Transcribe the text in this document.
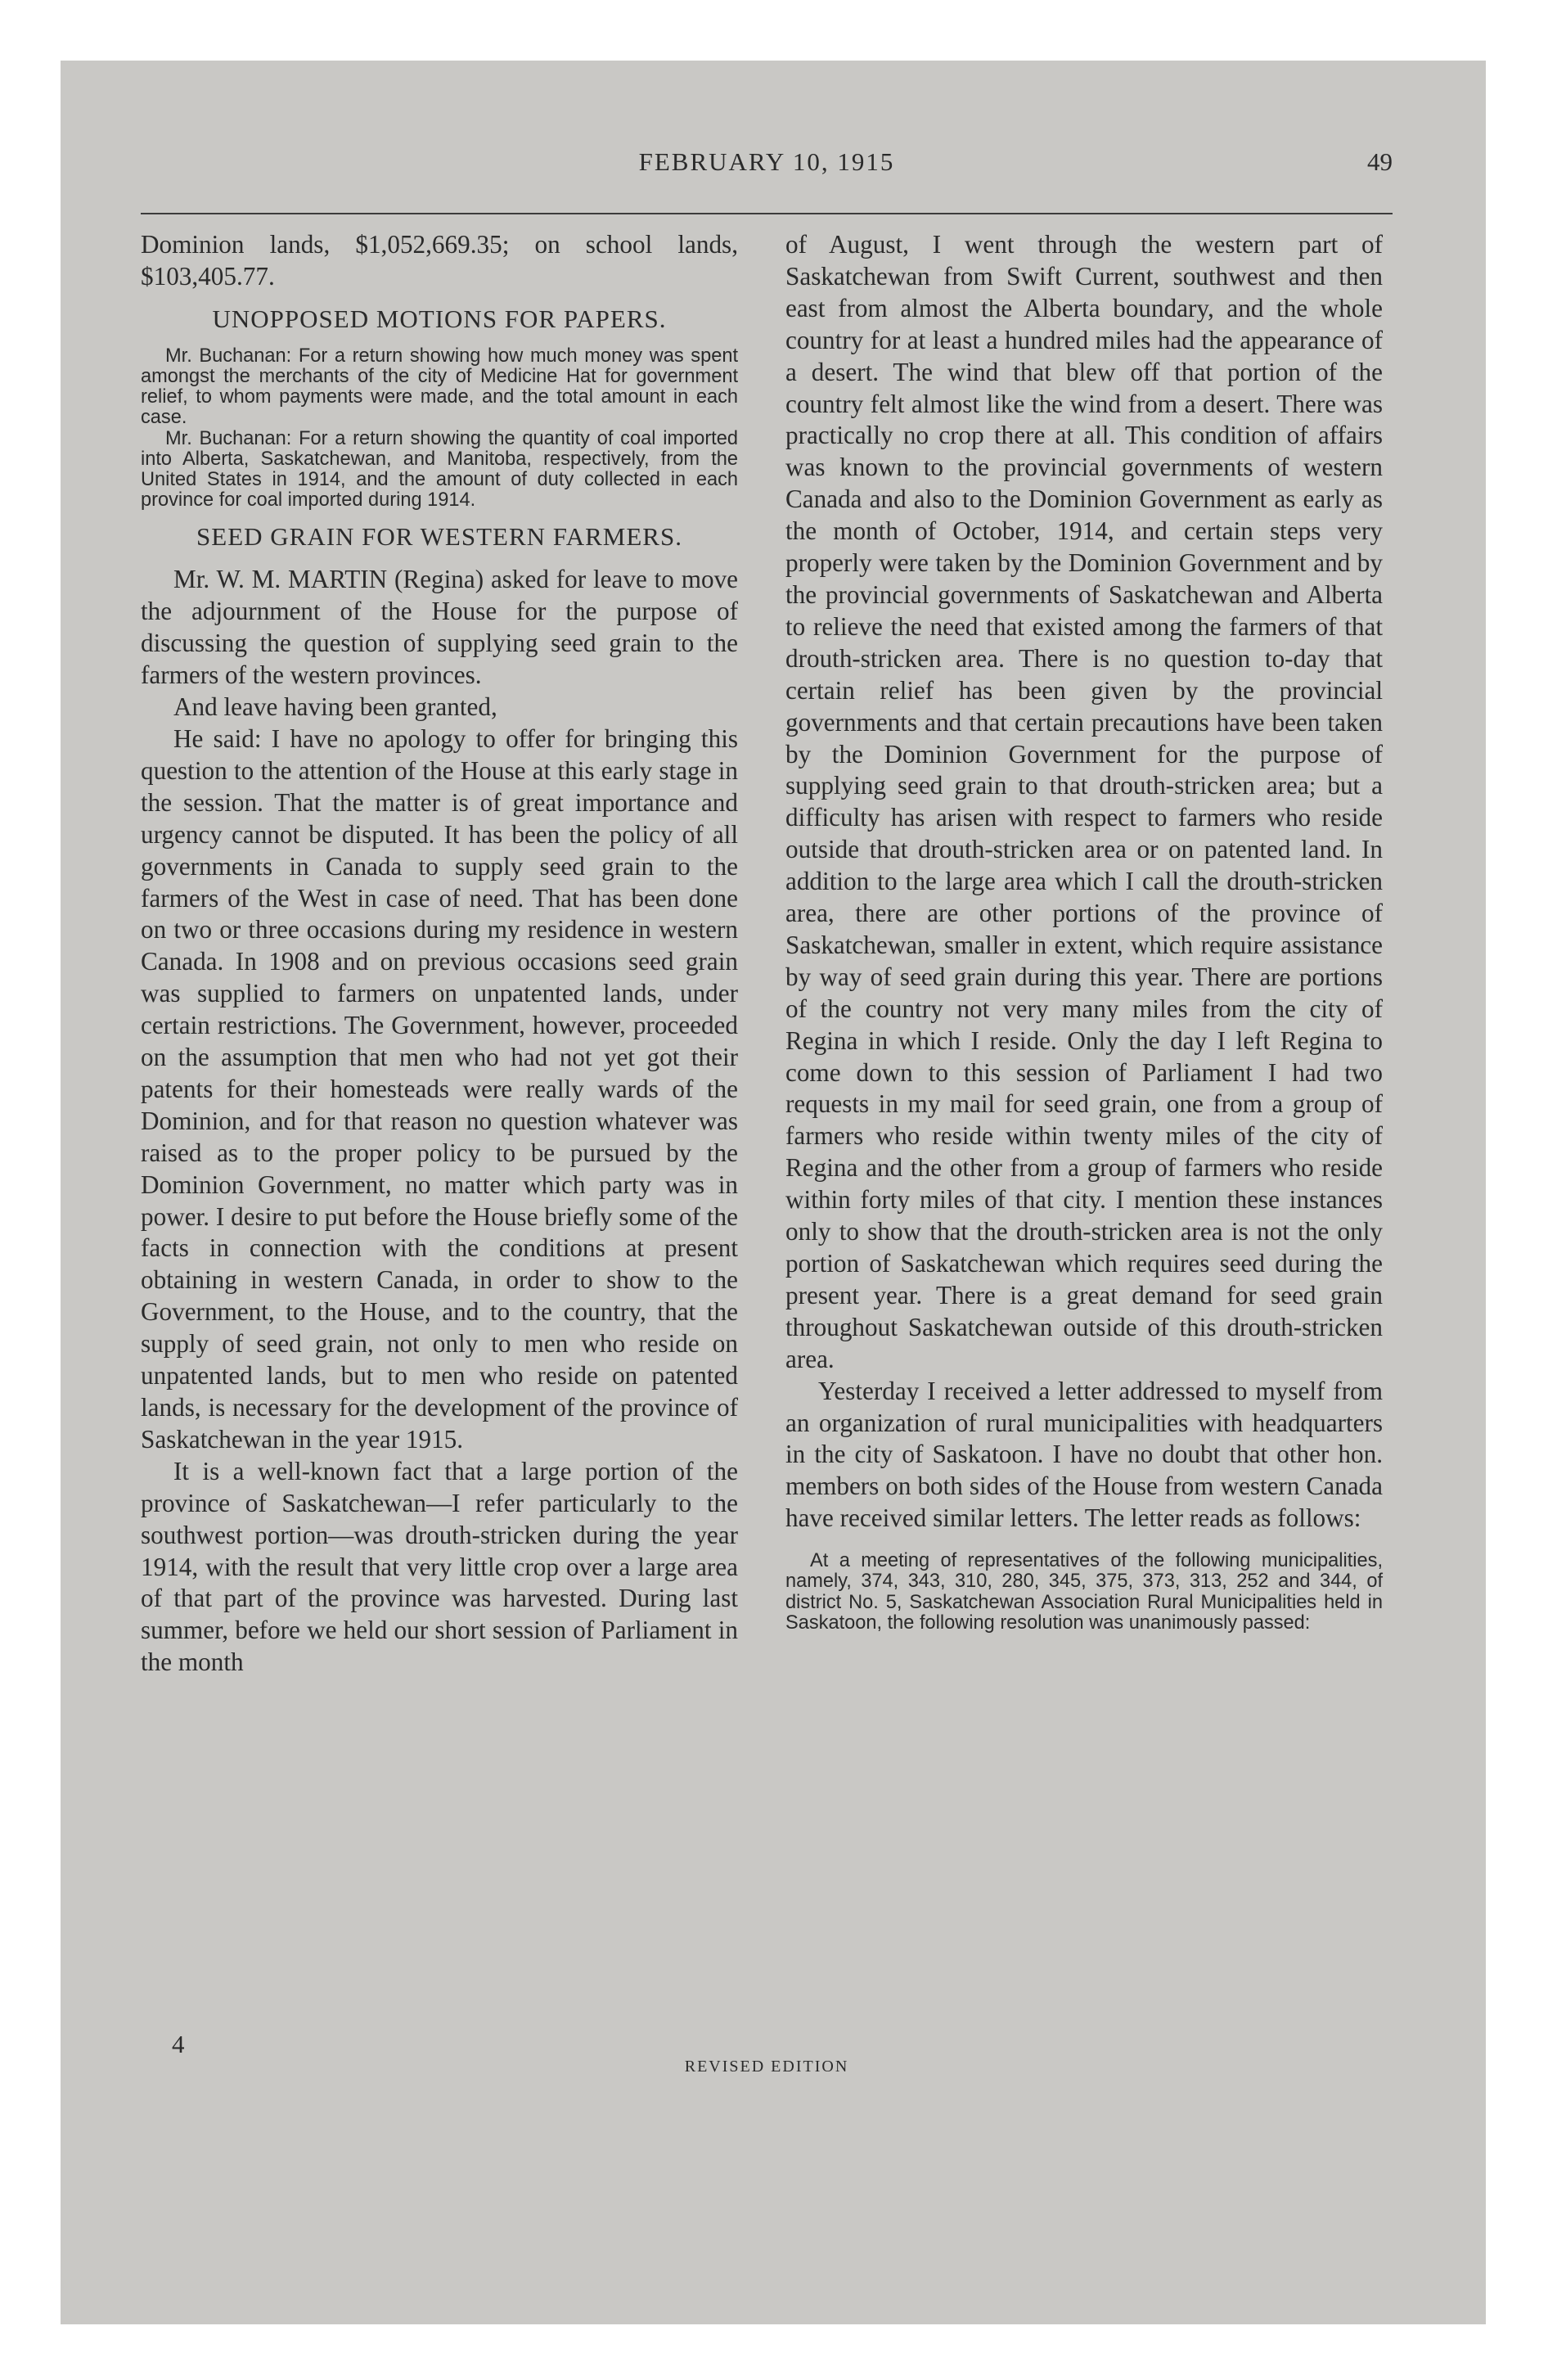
FEBRUARY 10, 1915	49

Dominion lands, $1,052,669.35; on school lands, $103,405.77.

UNOPPOSED MOTIONS FOR PAPERS.

Mr. Buchanan: For a return showing how much money was spent amongst the merchants of the city of Medicine Hat for government relief, to whom payments were made, and the total amount in each case.

Mr. Buchanan: For a return showing the quantity of coal imported into Alberta, Saskatchewan, and Manitoba, respectively, from the United States in 1914, and the amount of duty collected in each province for coal imported during 1914.

SEED GRAIN FOR WESTERN FARMERS.

Mr. W. M. MARTIN (Regina) asked for leave to move the adjournment of the House for the purpose of discussing the question of supplying seed grain to the farmers of the western provinces.

And leave having been granted,

He said: I have no apology to offer for bringing this question to the attention of the House at this early stage in the session. That the matter is of great importance and urgency cannot be disputed. It has been the policy of all governments in Canada to supply seed grain to the farmers of the West in case of need. That has been done on two or three occasions during my residence in western Canada. In 1908 and on previous occasions seed grain was supplied to farmers on unpatented lands, under certain restrictions. The Government, however, proceeded on the assumption that men who had not yet got their patents for their homesteads were really wards of the Dominion, and for that reason no question whatever was raised as to the proper policy to be pursued by the Dominion Government, no matter which party was in power. I desire to put before the House briefly some of the facts in connection with the conditions at present obtaining in western Canada, in order to show to the Government, to the House, and to the country, that the supply of seed grain, not only to men who reside on unpatented lands, but to men who reside on patented lands, is necessary for the development of the province of Saskatchewan in the year 1915.

It is a well-known fact that a large portion of the province of Saskatchewan—I refer particularly to the southwest portion—was drouth-stricken during the year 1914, with the result that very little crop over a large area of that part of the province was harvested. During last summer, before we held our short session of Parliament in the month

of August, I went through the western part of Saskatchewan from Swift Current, southwest and then east from almost the Alberta boundary, and the whole country for at least a hundred miles had the appearance of a desert. The wind that blew off that portion of the country felt almost like the wind from a desert. There was practically no crop there at all. This condition of affairs was known to the provincial governments of western Canada and also to the Dominion Government as early as the month of October, 1914, and certain steps very properly were taken by the Dominion Government and by the provincial governments of Saskatchewan and Alberta to relieve the need that existed among the farmers of that drouth-stricken area. There is no question to-day that certain relief has been given by the provincial governments and that certain precautions have been taken by the Dominion Government for the purpose of supplying seed grain to that drouth-stricken area; but a difficulty has arisen with respect to farmers who reside outside that drouth-stricken area or on patented land. In addition to the large area which I call the drouth-stricken area, there are other portions of the province of Saskatchewan, smaller in extent, which require assistance by way of seed grain during this year. There are portions of the country not very many miles from the city of Regina in which I reside. Only the day I left Regina to come down to this session of Parliament I had two requests in my mail for seed grain, one from a group of farmers who reside within twenty miles of the city of Regina and the other from a group of farmers who reside within forty miles of that city. I mention these instances only to show that the drouth-stricken area is not the only portion of Saskatchewan which requires seed during the present year. There is a great demand for seed grain throughout Saskatchewan outside of this drouth-stricken area.

Yesterday I received a letter addressed to myself from an organization of rural municipalities with headquarters in the city of Saskatoon. I have no doubt that other hon. members on both sides of the House from western Canada have received similar letters. The letter reads as follows:

At a meeting of representatives of the following municipalities, namely, 374, 343, 310, 280, 345, 375, 373, 313, 252 and 344, of district No. 5, Saskatchewan Association Rural Municipalities held in Saskatoon, the following resolution was unanimously passed:

4
REVISED EDITION
